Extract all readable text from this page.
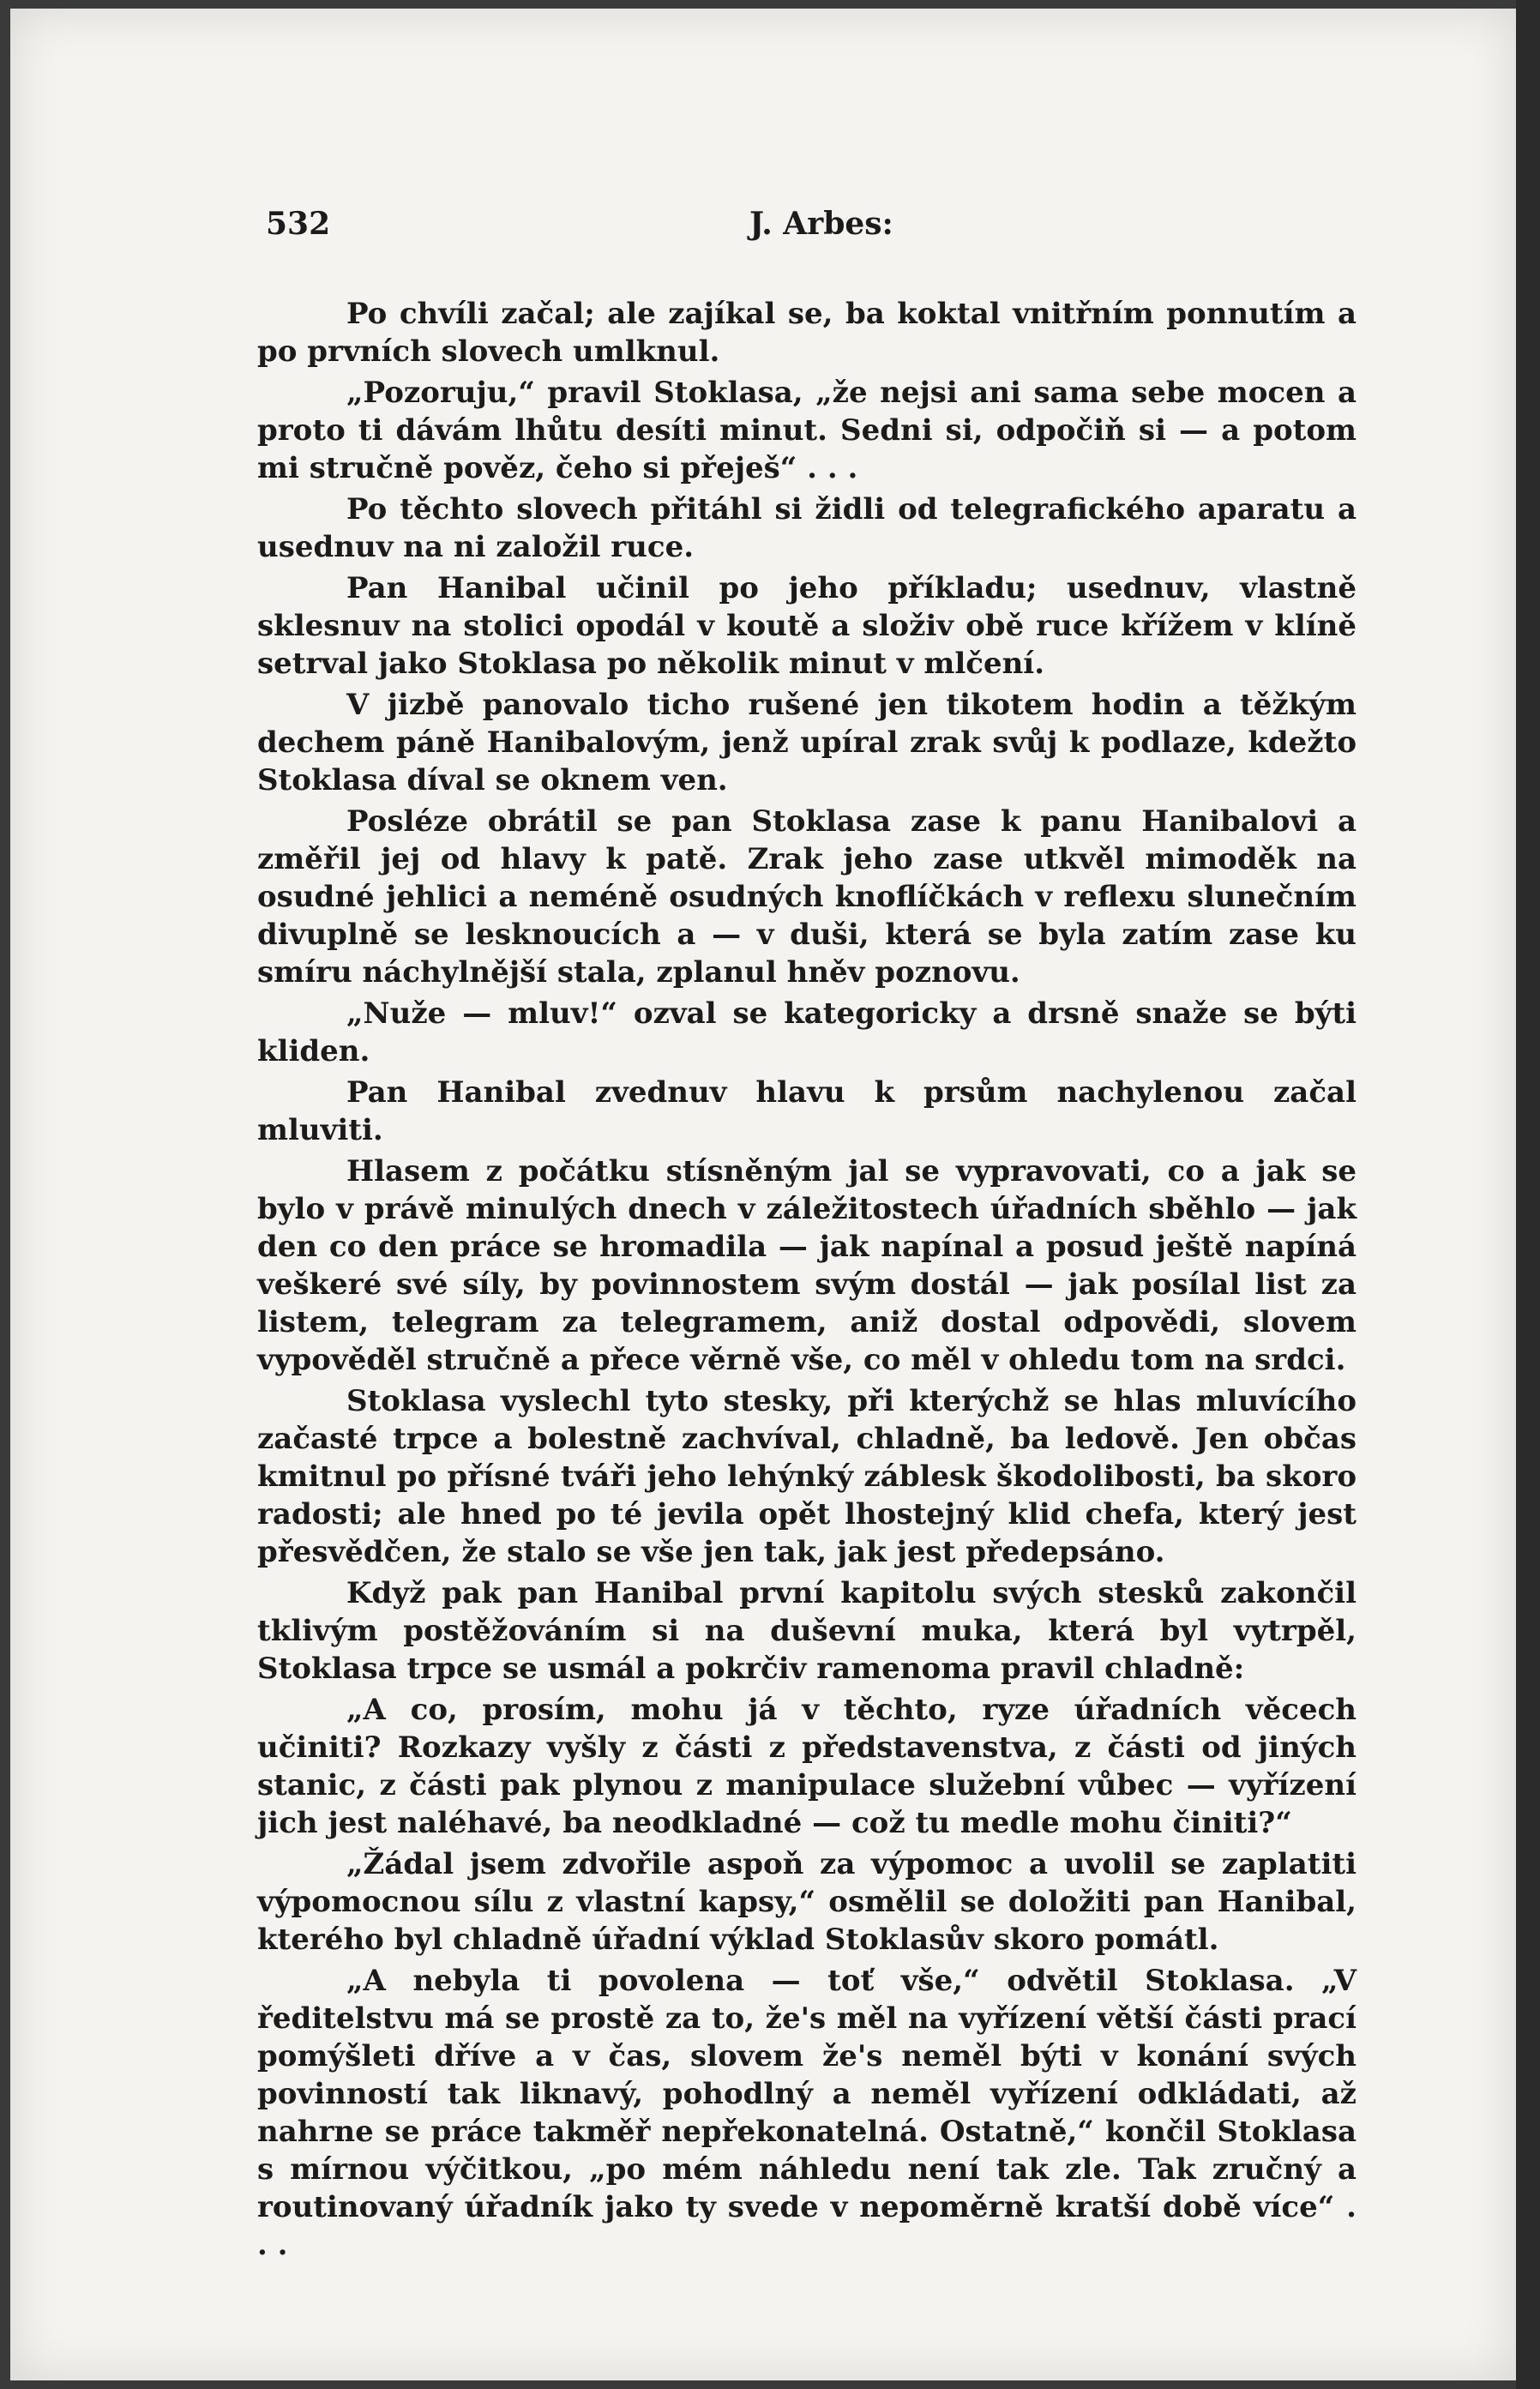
532	J. Arbes:

Po chvíli začal; ale zajíkal se, ba koktal vnitřním ponnutím a po prvních slovech umlknul.

„Pozoruju,“ pravil Stoklasa, „že nejsi ani sama sebe mocen a proto ti dávám lhůtu desíti minut. Sedni si, odpočiň si — a potom mi stručně pověz, čeho si přeješ“ . . .

Po těchto slovech přitáhl si židli od telegrafického aparatu a usednuv na ni založil ruce.

Pan Hanibal učinil po jeho příkladu; usednuv, vlastně sklesnuv na stolici opodál v koutě a složiv obě ruce křížem v klíně setrval jako Stoklasa po několik minut v mlčení.

V jizbě panovalo ticho rušené jen tikotem hodin a těžkým dechem páně Hanibalovým, jenž upíral zrak svůj k podlaze, kdežto Stoklasa díval se oknem ven.

Posléze obrátil se pan Stoklasa zase k panu Hanibalovi a změřil jej od hlavy k patě. Zrak jeho zase utkvěl mimoděk na osudné jehlici a neméně osudných knoflíčkách v reflexu slunečním divuplně se lesknoucích a — v duši, která se byla zatím zase ku smíru náchylnější stala, zplanul hněv poznovu.

„Nuže — mluv!“ ozval se kategoricky a drsně snaže se býti kliden.

Pan Hanibal zvednuv hlavu k prsům nachylenou začal mluviti.

Hlasem z počátku stísněným jal se vypravovati, co a jak se bylo v právě minulých dnech v záležitostech úřadních sběhlo — jak den co den práce se hromadila — jak napínal a posud ještě napíná veškeré své síly, by povinnostem svým dostál — jak posílal list za listem, telegram za telegramem, aniž dostal odpovědi, slovem vypověděl stručně a přece věrně vše, co měl v ohledu tom na srdci.

Stoklasa vyslechl tyto stesky, při kterýchž se hlas mluvícího začasté trpce a bolestně zachvíval, chladně, ba ledově. Jen občas kmitnul po přísné tváři jeho lehýnký záblesk škodolibosti, ba skoro radosti; ale hned po té jevila opět lhostejný klid chefa, který jest přesvědčen, že stalo se vše jen tak, jak jest předepsáno.

Když pak pan Hanibal první kapitolu svých stesků zakončil tklivým postěžováním si na duševní muka, která byl vytrpěl, Stoklasa trpce se usmál a pokrčiv ramenoma pravil chladně:

„A co, prosím, mohu já v těchto, ryze úřadních věcech učiniti? Rozkazy vyšly z části z představenstva, z části od jiných stanic, z části pak plynou z manipulace služební vůbec — vyřízení jich jest naléhavé, ba neodkladné — což tu medle mohu činiti?“

„Žádal jsem zdvořile aspoň za výpomoc a uvolil se zaplatiti výpomocnou sílu z vlastní kapsy,“ osmělil se doložiti pan Hanibal, kterého byl chladně úřadní výklad Stoklasův skoro pomátl.

„A nebyla ti povolena — toť vše,“ odvětil Stoklasa. „V ředitelstvu má se prostě za to, že's měl na vyřízení větší části prací pomýšleti dříve a v čas, slovem že's neměl býti v konání svých povinností tak liknavý, pohodlný a neměl vyřízení odkládati, až nahrne se práce takměř nepřekonatelná. Ostatně,“ končil Stoklasa s mírnou výčitkou, „po mém náhledu není tak zle. Tak zručný a routinovaný úřadník jako ty svede v nepoměrně kratší době více“ . . .
